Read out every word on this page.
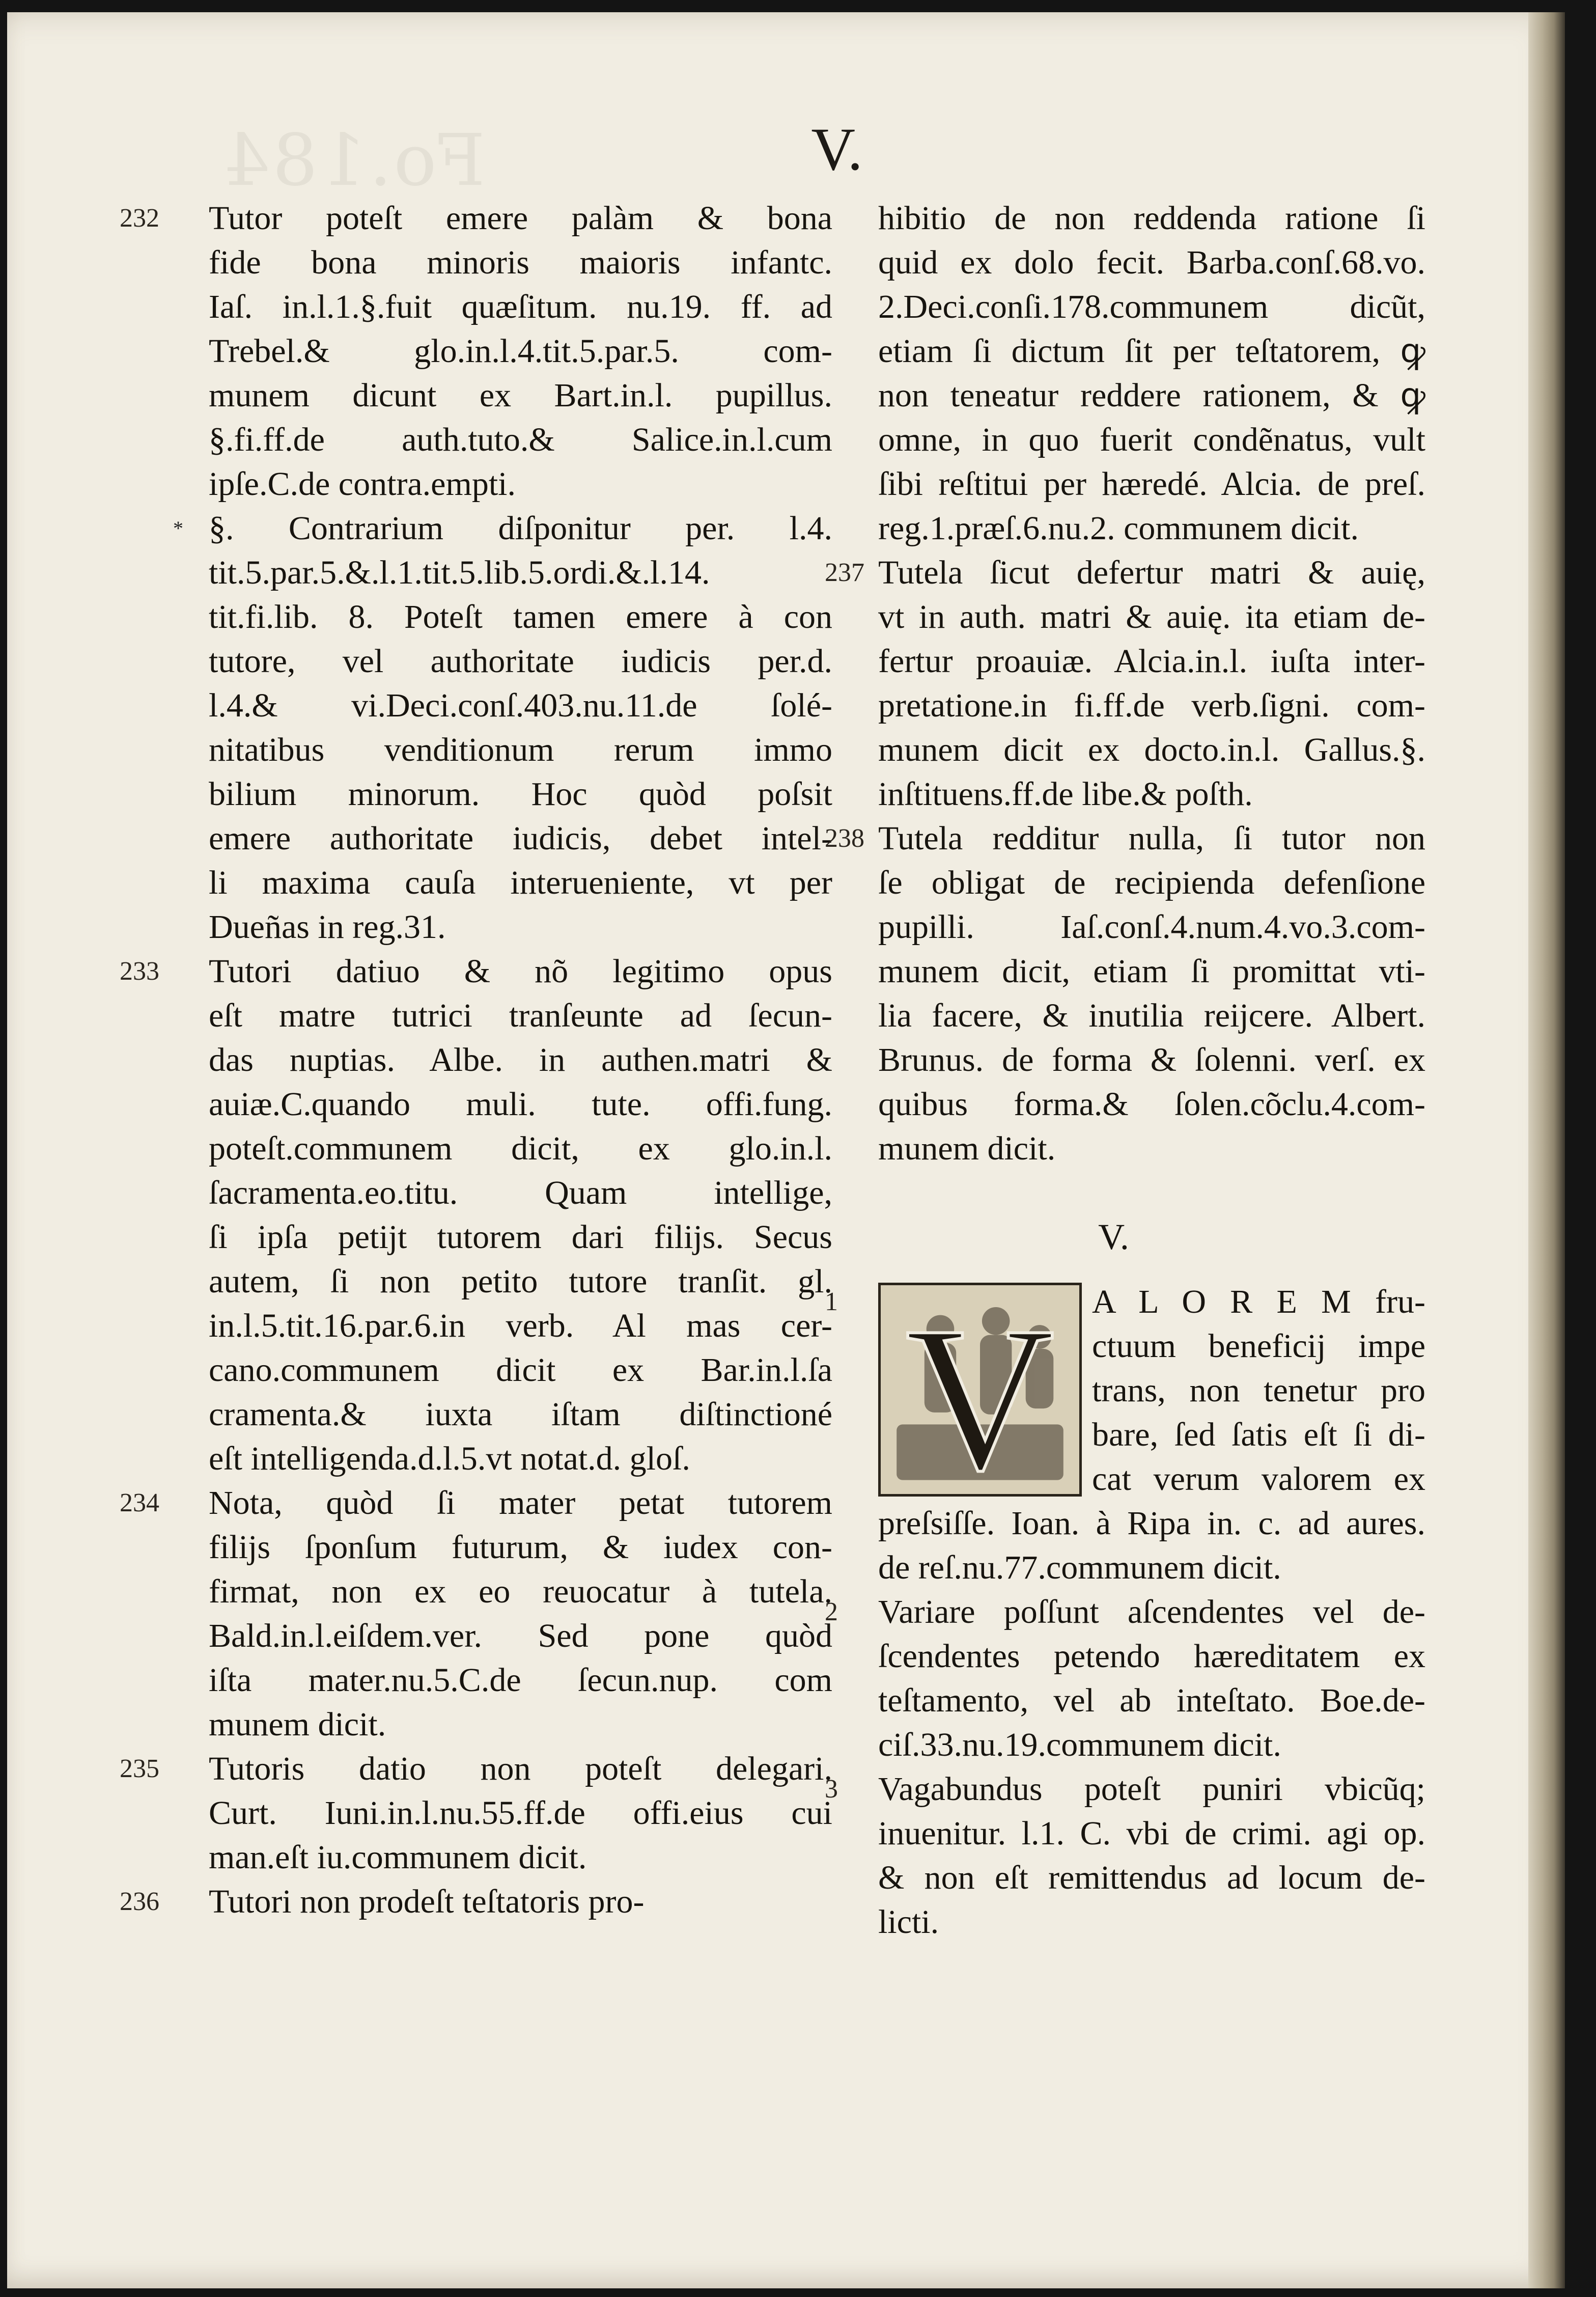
Fo.184	V.
232 Tutor poteſt emere palàm & bona
fide bona minoris maioris infantc.
Iaſ. in.l.1.§.fuit quæſitum. nu.19. ff. ad
Trebel.& glo.in.l.4.tit.5.par.5. com-
munem dicunt ex Bart.in.l. pupillus.
§.fi.ff.de auth.tuto.& Salice.in.l.cum
ipſe.C.de contra.empti.
* §. Contrarium diſponitur per. l.4.
tit.5.par.5.&.l.1.tit.5.lib.5.ordi.&.l.14.
tit.fi.lib. 8. Poteſt tamen emere à con
tutore, vel authoritate iudicis per.d.
l.4.& vi.Deci.conſ.403.nu.11.de ſolé-
nitatibus venditionum rerum immo
bilium minorum. Hoc quòd poſsit
emere authoritate iudicis, debet intel-
li maxima cauſa interueniente, vt per
Dueñas in reg.31.
233 Tutori datiuo & nõ legitimo opus
eſt matre tutrici tranſeunte ad ſecun-
das nuptias. Albe. in authen.matri &
auiæ.C.quando muli. tute. offi.fung.
poteſt.communem dicit, ex glo.in.l.
ſacramenta.eo.titu. Quam intellige,
ſi ipſa petijt tutorem dari filijs. Secus
autem, ſi non petito tutore tranſit. gl.
in.l.5.tit.16.par.6.in verb. Al mas cer-
cano.communem dicit ex Bar.in.l.ſa
cramenta.& iuxta iſtam diſtinctioné
eſt intelligenda.d.l.5.vt notat.d. gloſ.
234 Nota, quòd ſi mater petat tutorem
filijs ſponſum futurum, & iudex con-
firmat, non ex eo reuocatur à tutela.
Bald.in.l.eiſdem.ver. Sed pone quòd
iſta mater.nu.5.C.de ſecun.nup. com
munem dicit.
235 Tutoris datio non poteſt delegari.
Curt. Iuni.in.l.nu.55.ff.de offi.eius cui
man.eſt iu.communem dicit.
236 Tutori non prodeſt teſtatoris pro-
hibitio de non reddenda ratione ſi
quid ex dolo fecit. Barba.conſ.68.vo.
2.Deci.conſi.178.communem dicũt,
etiam ſi dictum ſit per teſtatorem, ꝙ
non teneatur reddere rationem, & ꝙ
omne, in quo fuerit condẽnatus, vult
ſibi reſtitui per hæredé. Alcia. de preſ.
reg.1.præſ.6.nu.2. communem dicit.
237 Tutela ſicut defertur matri & auię,
vt in auth. matri & auię. ita etiam de-
fertur proauiæ. Alcia.in.l. iuſta inter-
pretatione.in fi.ff.de verb.ſigni. com-
munem dicit ex docto.in.l. Gallus.§.
inſtituens.ff.de libe.& poſth.
238 Tutela redditur nulla, ſi tutor non
ſe obligat de recipienda defenſione
pupilli. Iaſ.conſ.4.num.4.vo.3.com-
munem dicit, etiam ſi promittat vti-
lia facere, & inutilia reijcere. Albert.
Brunus. de forma & ſolenni. verſ. ex
quibus forma.& ſolen.cõclu.4.com-
munem dicit.
V.
1 V	A L O R E M fru-
ctuum beneficij impe
trans, non tenetur pro
bare, ſed ſatis eſt ſi di-
cat verum valorem ex
preſsiſſe. Ioan. à Ripa in. c. ad aures.
de reſ.nu.77.communem dicit.
2 Variare poſſunt aſcendentes vel de-
ſcendentes petendo hæreditatem ex
teſtamento, vel ab inteſtato. Boe.de-
ciſ.33.nu.19.communem dicit.
3 Vagabundus poteſt puniri vbicũq;
inuenitur. l.1. C. vbi de crimi. agi op.
& non eſt remittendus ad locum de-
licti.
